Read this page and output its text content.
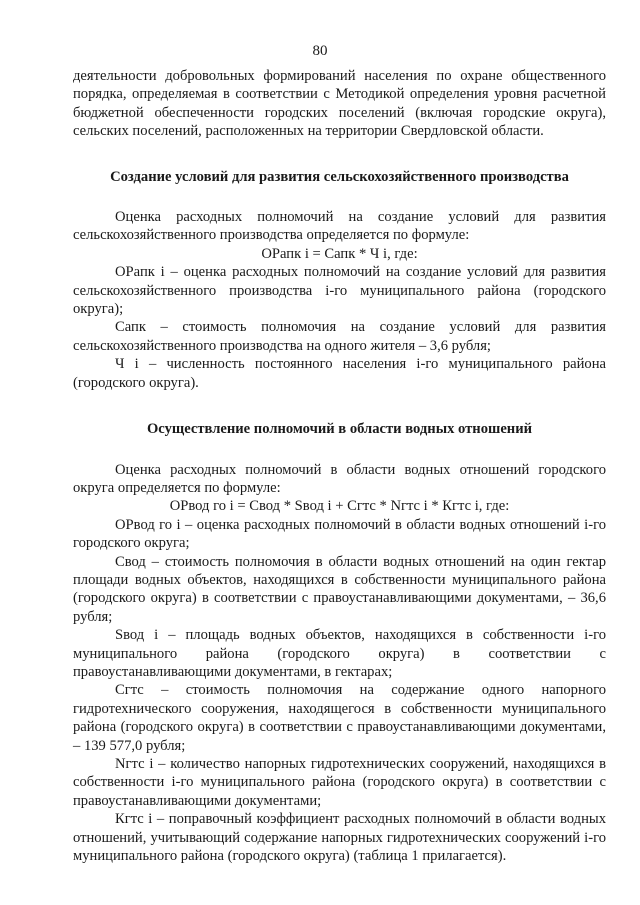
80

деятельности добровольных формирований населения по охране общественного порядка, определяемая в соответствии с Методикой определения уровня расчетной бюджетной обеспеченности городских поселений (включая городские округа), сельских поселений, расположенных на территории Свердловской области.

Создание условий для развития сельскохозяйственного производства

Оценка расходных полномочий на создание условий для развития сельскохозяйственного производства определяется по формуле:

ОРапк i = Сапк * Ч i, где:

ОРапк i – оценка расходных полномочий на создание условий для развития сельскохозяйственного производства i-го муниципального района (городского округа);

Сапк – стоимость полномочия на создание условий для развития сельскохозяйственного производства на одного жителя – 3,6 рубля;

Ч i – численность постоянного населения i-го муниципального района (городского округа).

Осуществление полномочий в области водных отношений

Оценка расходных полномочий в области водных отношений городского округа определяется по формуле:

ОРвод го i = Свод * Sвод i + Сгтс * Nгтс i * Кгтс i, где:

ОРвод го i – оценка расходных полномочий в области водных отношений i-го городского округа;

Свод – стоимость полномочия в области водных отношений на один гектар площади водных объектов, находящихся в собственности муниципального района (городского округа) в соответствии с правоустанавливающими документами, – 36,6 рубля;

Sвод i – площадь водных объектов, находящихся в собственности i-го муниципального района (городского округа) в соответствии с правоустанавливающими документами, в гектарах;

Сгтс – стоимость полномочия на содержание одного напорного гидротехнического сооружения, находящегося в собственности муниципального района (городского округа) в соответствии с правоустанавливающими документами, – 139 577,0 рубля;

Nгтс i – количество напорных гидротехнических сооружений, находящихся в собственности i-го муниципального района (городского округа) в соответствии с правоустанавливающими документами;

Кгтс i – поправочный коэффициент расходных полномочий в области водных отношений, учитывающий содержание напорных гидротехнических сооружений i-го муниципального района (городского округа) (таблица 1 прилагается).
